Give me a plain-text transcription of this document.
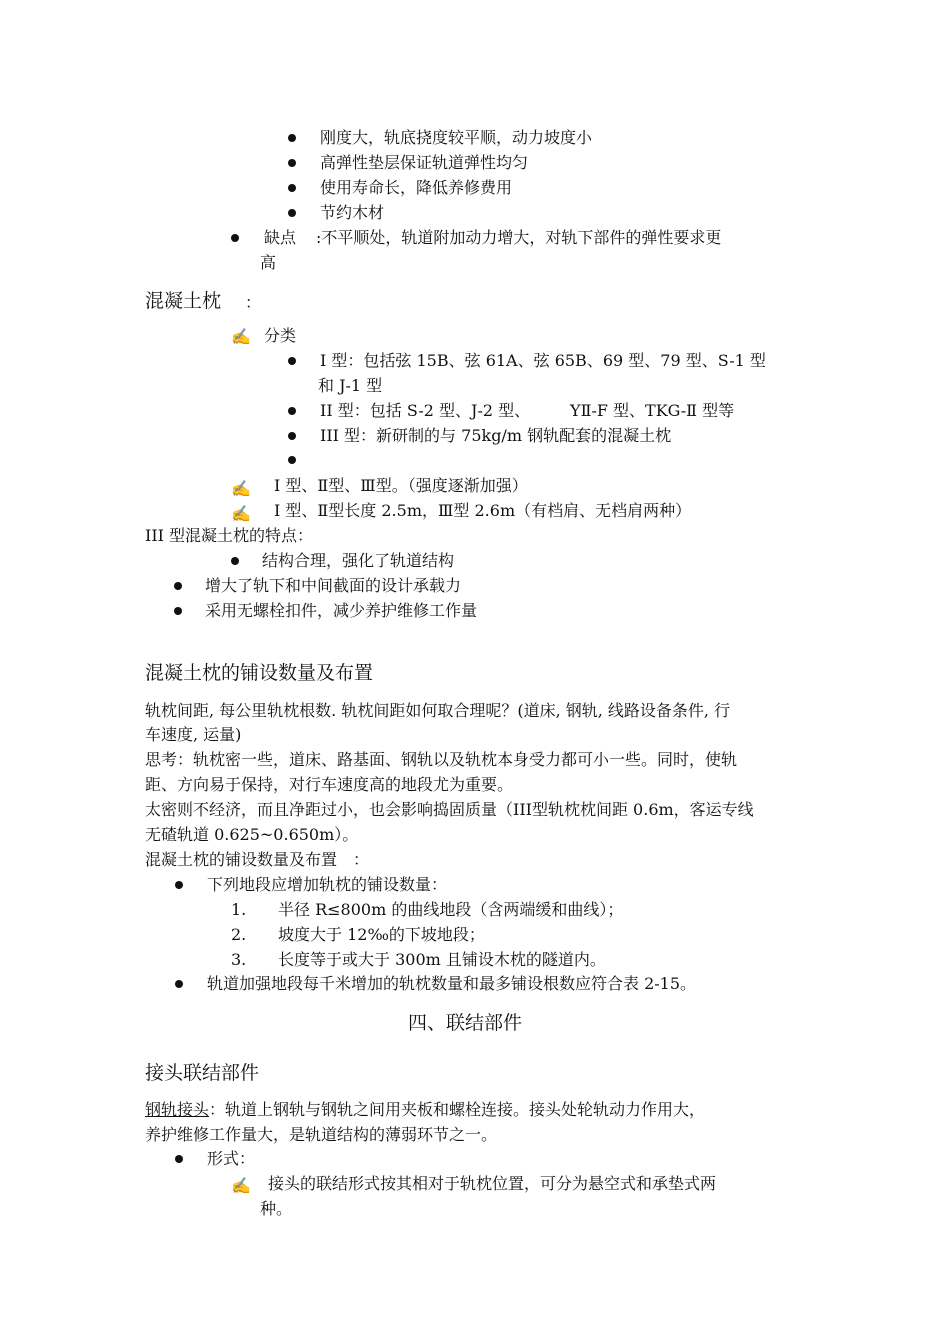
刚度大，轨底挠度较平顺，动力坡度小
高弹性垫层保证轨道弹性均匀
使用寿命长，降低养修费用
节约木材
缺点 :不平顺处，轨道附加动力增大，对轨下部件的弹性要求更
高
混凝土枕 ：
✍ 分类
I 型：包括弦 15B、弦 61A、弦 65B、69 型、79 型、S-1 型
和 J-1 型
II 型：包括 S-2 型、J-2 型、 YⅡ-F 型、TKG-Ⅱ 型等
III 型：新研制的与 75kg/m 钢轨配套的混凝土枕
✍ Ⅰ 型、Ⅱ型、Ⅲ型。（强度逐渐加强）
✍ Ⅰ 型、Ⅱ型长度 2.5m，Ⅲ型 2.6m（有档肩、无档肩两种）
III 型混凝土枕的特点：
结构合理，强化了轨道结构
增大了轨下和中间截面的设计承载力
采用无螺栓扣件，减少养护维修工作量
混凝土枕的铺设数量及布置
轨枕间距, 每公里轨枕根数. 轨枕间距如何取合理呢？(道床, 钢轨, 线路设备条件, 行
车速度, 运量)
思考：轨枕密一些，道床、路基面、钢轨以及轨枕本身受力都可小一些。同时，使轨
距、方向易于保持，对行车速度高的地段尤为重要。
太密则不经济，而且净距过小，也会影响捣固质量（III型轨枕枕间距 0.6m，客运专线
无碴轨道 0.625~0.650m）。
混凝土枕的铺设数量及布置　：
下列地段应增加轨枕的铺设数量：
1. 半径 R≤800m 的曲线地段（含两端缓和曲线）；
2. 坡度大于 12‰的下坡地段；
3. 长度等于或大于 300m 且铺设木枕的隧道内。
轨道加强地段每千米增加的轨枕数量和最多铺设根数应符合表 2-15。
四、联结部件
接头联结部件
钢轨接头：轨道上钢轨与钢轨之间用夹板和螺栓连接。接头处轮轨动力作用大，
养护维修工作量大，是轨道结构的薄弱环节之一。
形式：
✍ 接头的联结形式按其相对于轨枕位置，可分为悬空式和承垫式两
种。
